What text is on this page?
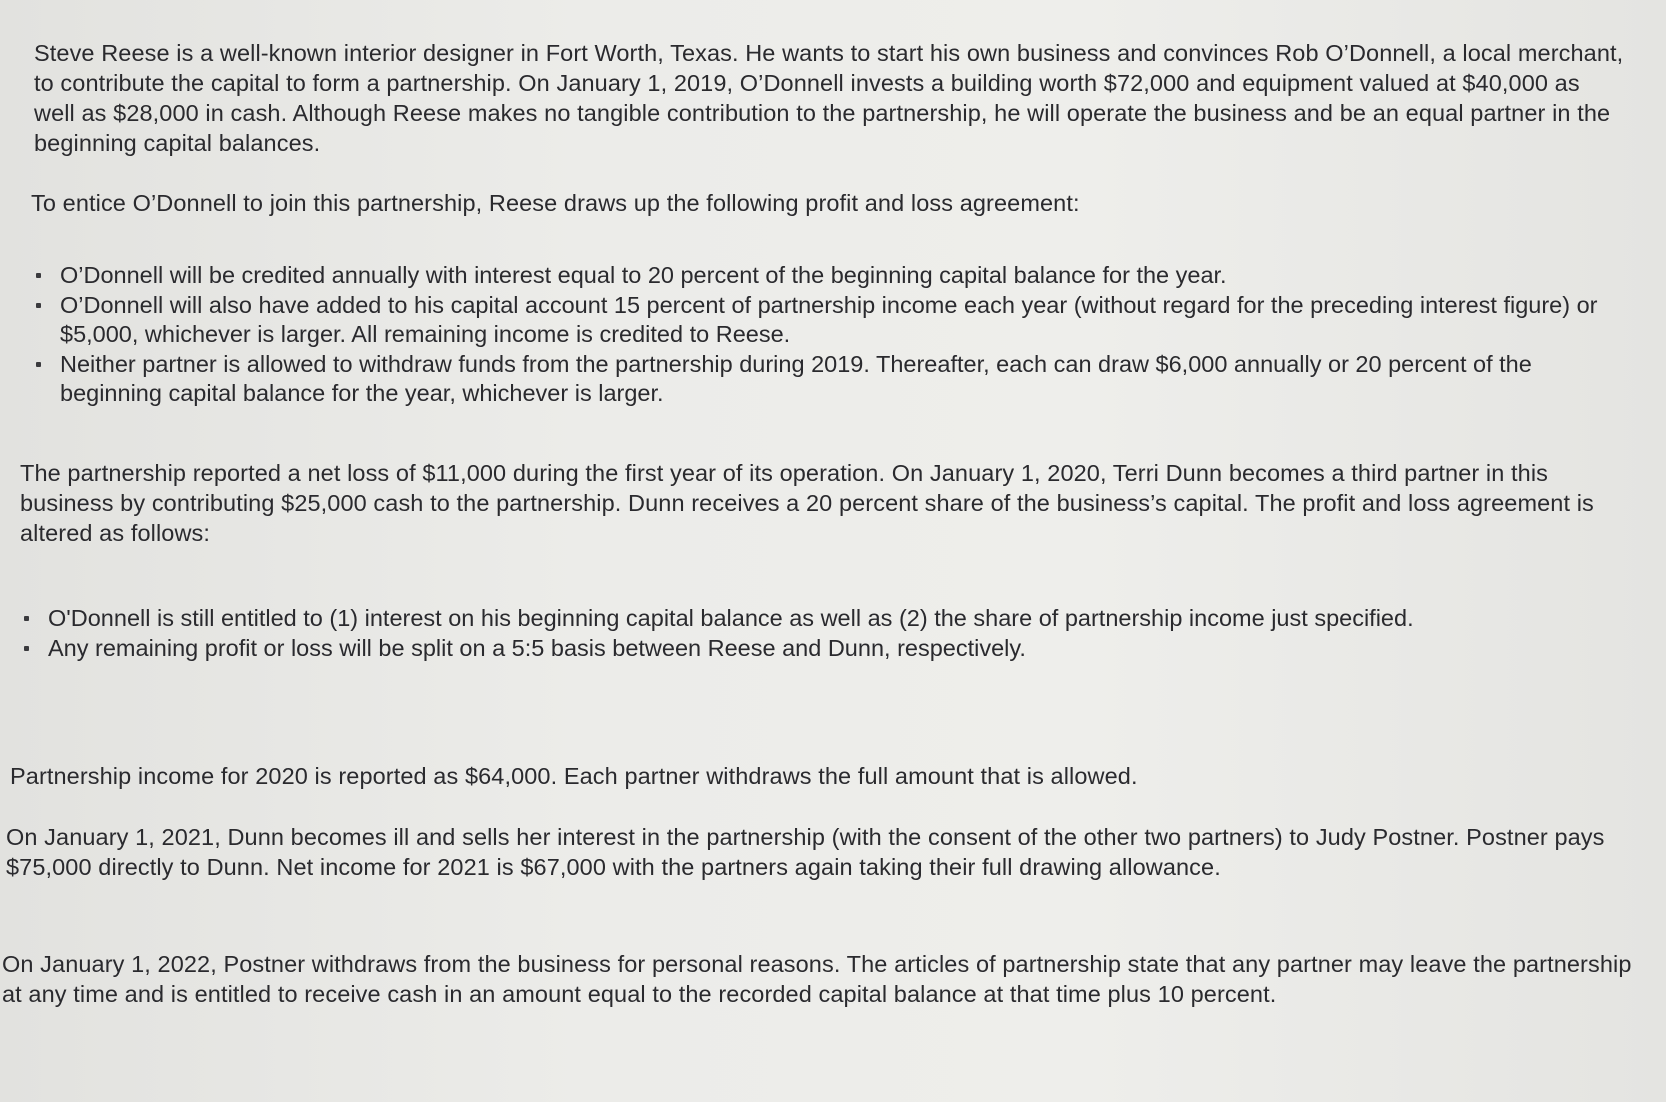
Steve Reese is a well-known interior designer in Fort Worth, Texas. He wants to start his own business and convinces Rob O’Donnell, a local merchant, to contribute the capital to form a partnership. On January 1, 2019, O’Donnell invests a building worth $72,000 and equipment valued at $40,000 as well as $28,000 in cash. Although Reese makes no tangible contribution to the partnership, he will operate the business and be an equal partner in the beginning capital balances.

To entice O’Donnell to join this partnership, Reese draws up the following profit and loss agreement:

O’Donnell will be credited annually with interest equal to 20 percent of the beginning capital balance for the year.
O’Donnell will also have added to his capital account 15 percent of partnership income each year (without regard for the preceding interest figure) or $5,000, whichever is larger. All remaining income is credited to Reese.
Neither partner is allowed to withdraw funds from the partnership during 2019. Thereafter, each can draw $6,000 annually or 20 percent of the beginning capital balance for the year, whichever is larger.

The partnership reported a net loss of $11,000 during the first year of its operation. On January 1, 2020, Terri Dunn becomes a third partner in this business by contributing $25,000 cash to the partnership. Dunn receives a 20 percent share of the business’s capital. The profit and loss agreement is altered as follows:

O'Donnell is still entitled to (1) interest on his beginning capital balance as well as (2) the share of partnership income just specified.
Any remaining profit or loss will be split on a 5:5 basis between Reese and Dunn, respectively.

Partnership income for 2020 is reported as $64,000. Each partner withdraws the full amount that is allowed.

On January 1, 2021, Dunn becomes ill and sells her interest in the partnership (with the consent of the other two partners) to Judy Postner. Postner pays $75,000 directly to Dunn. Net income for 2021 is $67,000 with the partners again taking their full drawing allowance.

On January 1, 2022, Postner withdraws from the business for personal reasons. The articles of partnership state that any partner may leave the partnership at any time and is entitled to receive cash in an amount equal to the recorded capital balance at that time plus 10 percent.
